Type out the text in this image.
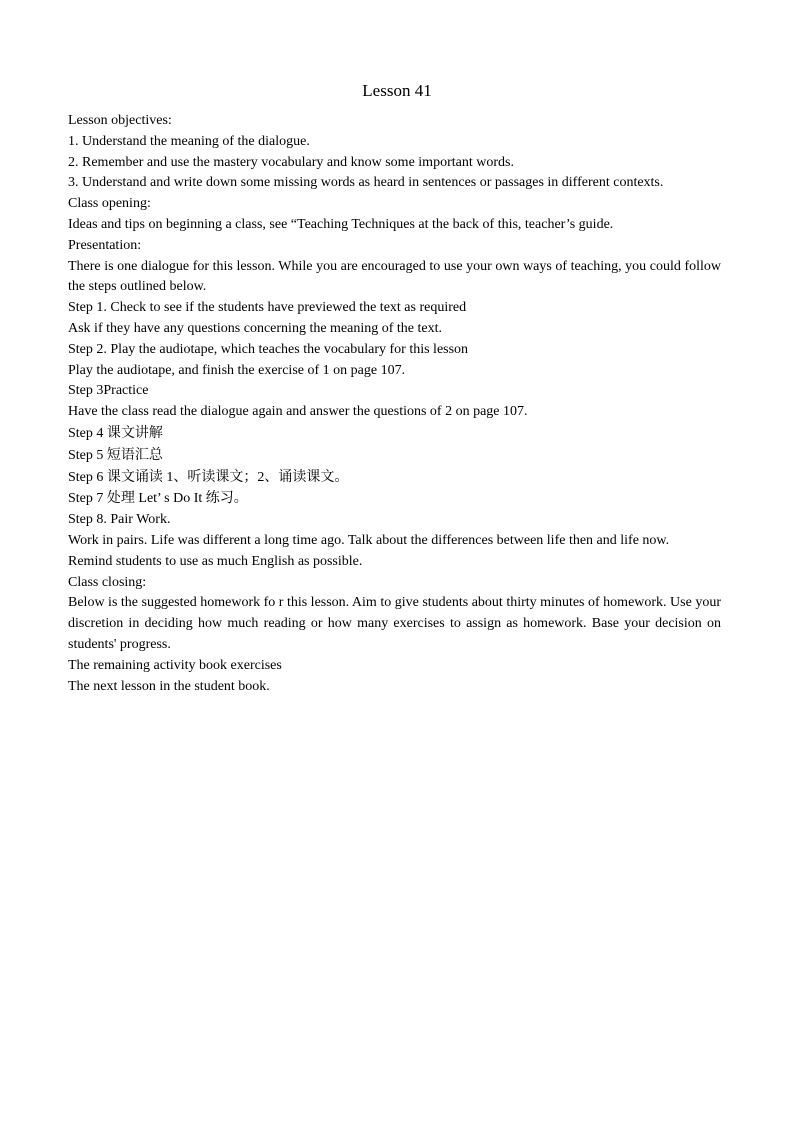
Lesson 41

Lesson objectives:

1. Understand the meaning of the dialogue.

2. Remember and use the mastery vocabulary and know some important words.

3. Understand and write down some missing words as heard in sentences or passages in different contexts.

Class opening:

Ideas and tips on beginning a class, see “Teaching Techniques at the back of this, teacher’s guide.

Presentation:

There is one dialogue for this lesson. While you are encouraged to use your own ways of teaching, you could follow the steps outlined below.

Step 1. Check to see if the students have previewed the text as required

Ask if they have any questions concerning the meaning of the text.

Step 2. Play the audiotape, which teaches the vocabulary for this lesson

Play the audiotape, and finish the exercise of 1 on page 107.

Step 3Practice

Have the class read the dialogue again and answer the questions of 2 on page 107.

Step 4 课文讲解

Step 5 短语汇总

Step 6 课文诵读 1、听读课文；2、诵读课文。

Step 7 处理 Let’ s Do It 练习。

Step 8. Pair Work.

Work in pairs. Life was different a long time ago. Talk about the differences between life then and life now.

Remind students to use as much English as possible.

Class closing:

Below is the suggested homework fo r this lesson. Aim to give students about thirty minutes of homework. Use your discretion in deciding how much reading or how many exercises to assign as homework. Base your decision on students' progress.

The remaining activity book exercises

The next lesson in the student book.
